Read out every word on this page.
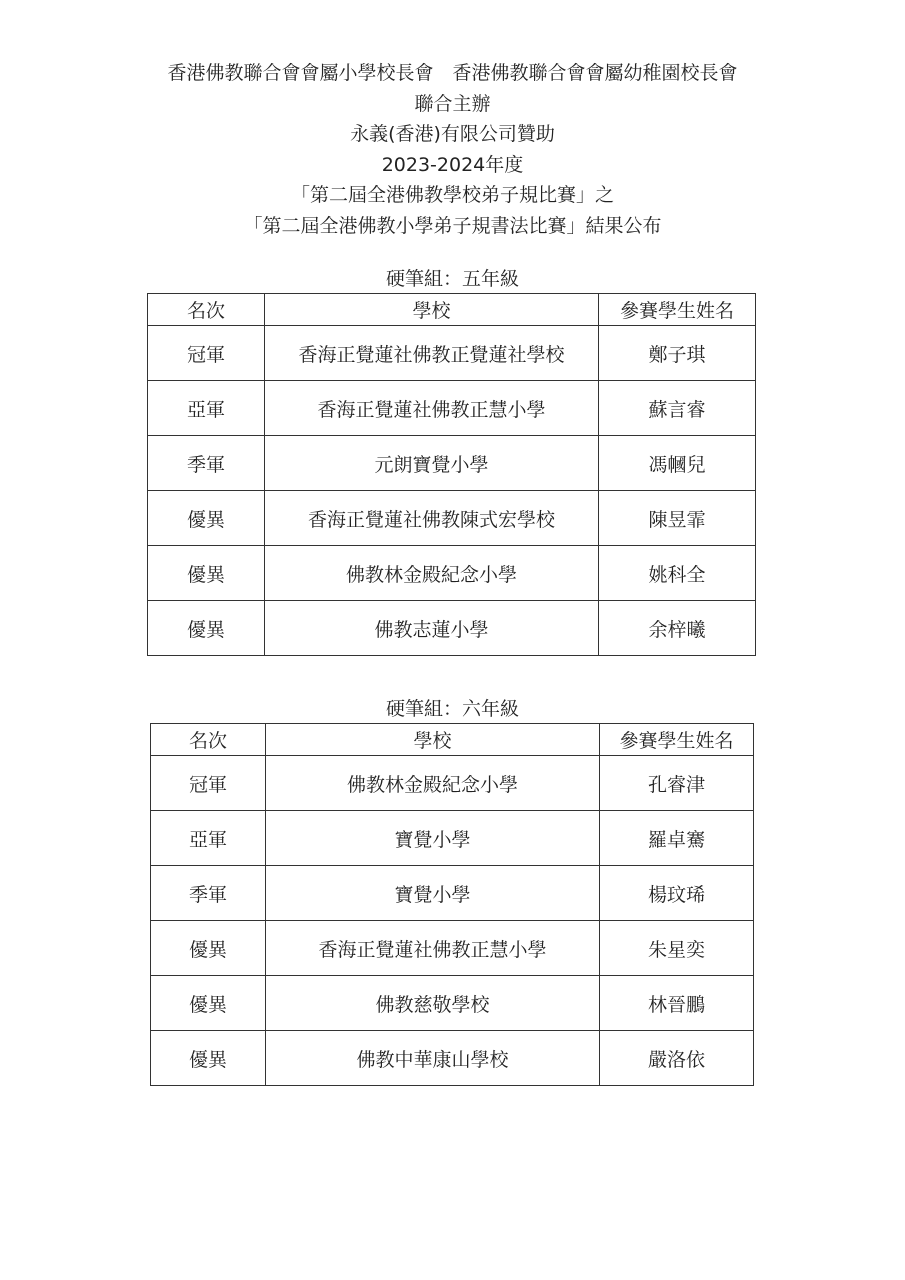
香港佛教聯合會會屬小學校長會　香港佛教聯合會會屬幼稚園校長會
聯合主辦
永義(香港)有限公司贊助
2023-2024年度
「第二屆全港佛教學校弟子規比賽」之
「第二屆全港佛教小學弟子規書法比賽」結果公布
硬筆組：五年級
名次	學校	參賽學生姓名
冠軍	香海正覺蓮社佛教正覺蓮社學校	鄭子琪
亞軍	香海正覺蓮社佛教正慧小學	蘇言睿
季軍	元朗寶覺小學	馮幗兒
優異	香海正覺蓮社佛教陳式宏學校	陳昱霏
優異	佛教林金殿紀念小學	姚科全
優異	佛教志蓮小學	余梓曦
硬筆組：六年級
名次	學校	參賽學生姓名
冠軍	佛教林金殿紀念小學	孔睿津
亞軍	寶覺小學	羅卓騫
季軍	寶覺小學	楊玟琋
優異	香海正覺蓮社佛教正慧小學	朱星奕
優異	佛教慈敬學校	林晉鵬
優異	佛教中華康山學校	嚴洛依
